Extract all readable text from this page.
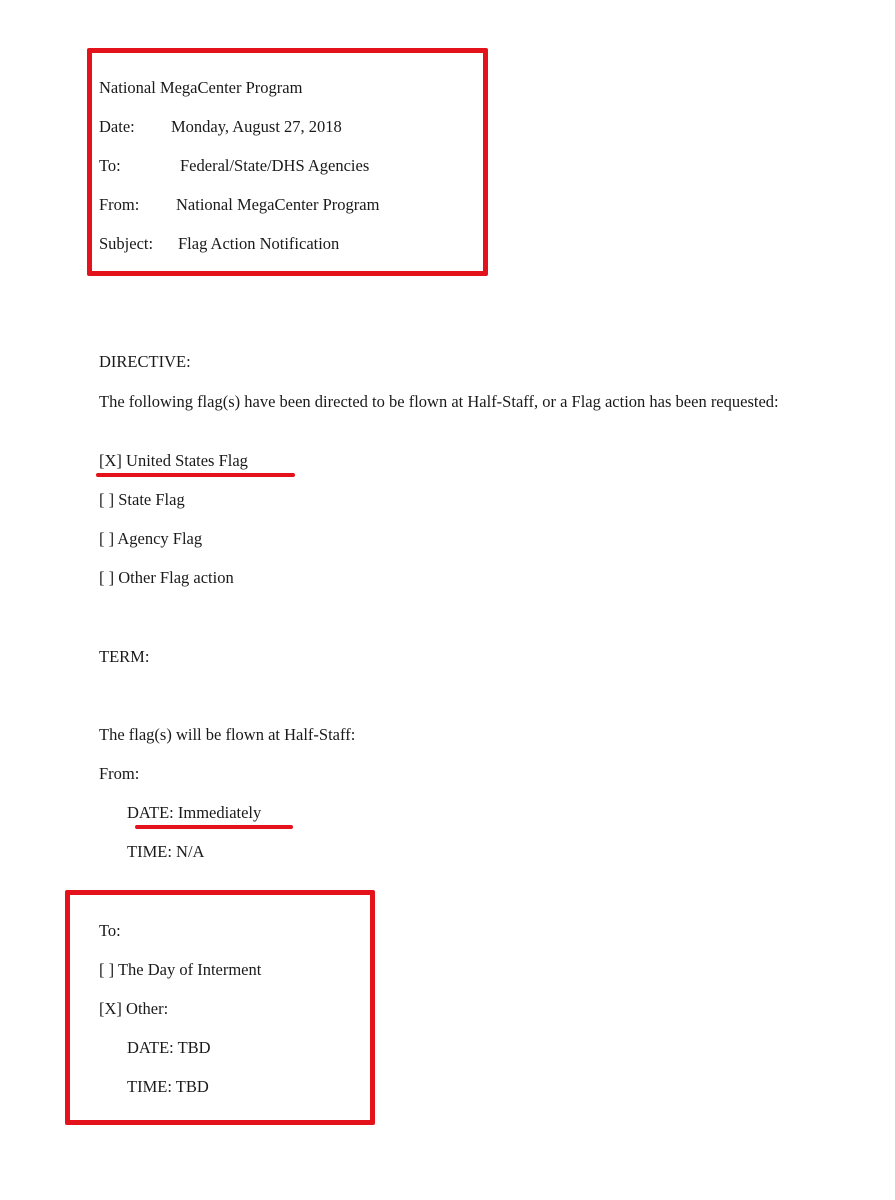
National MegaCenter Program

Date: Monday, August 27, 2018

To:	Federal/State/DHS Agencies

From: National MegaCenter Program

Subject: Flag Action Notification

DIRECTIVE:

The following flag(s) have been directed to be flown at Half-Staff, or a Flag action has been requested:

[X] United States Flag

[ ] State Flag

[ ] Agency Flag

[ ] Other Flag action

TERM:

The flag(s) will be flown at Half-Staff:

From:

DATE: Immediately

TIME: N/A

To:

[ ] The Day of Interment

[X] Other:

DATE: TBD

TIME: TBD
